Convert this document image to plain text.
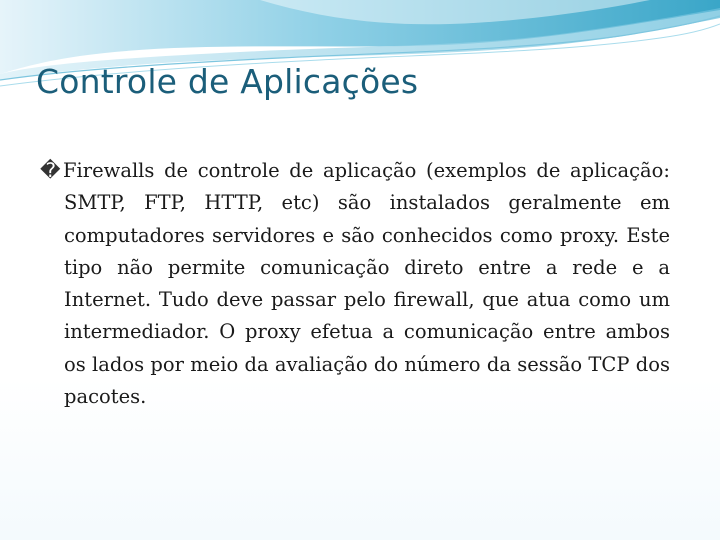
Controle de Aplicações
� Firewalls de controle de aplicação (exemplos de aplicação: SMTP, FTP, HTTP, etc) são instalados geralmente em computadores servidores e são conhecidos como proxy. Este tipo não permite comunicação direto entre a rede e a Internet. Tudo deve passar pelo firewall, que atua como um intermediador. O proxy efetua a comunicação entre ambos os lados por meio da avaliação do número da sessão TCP dos pacotes.
